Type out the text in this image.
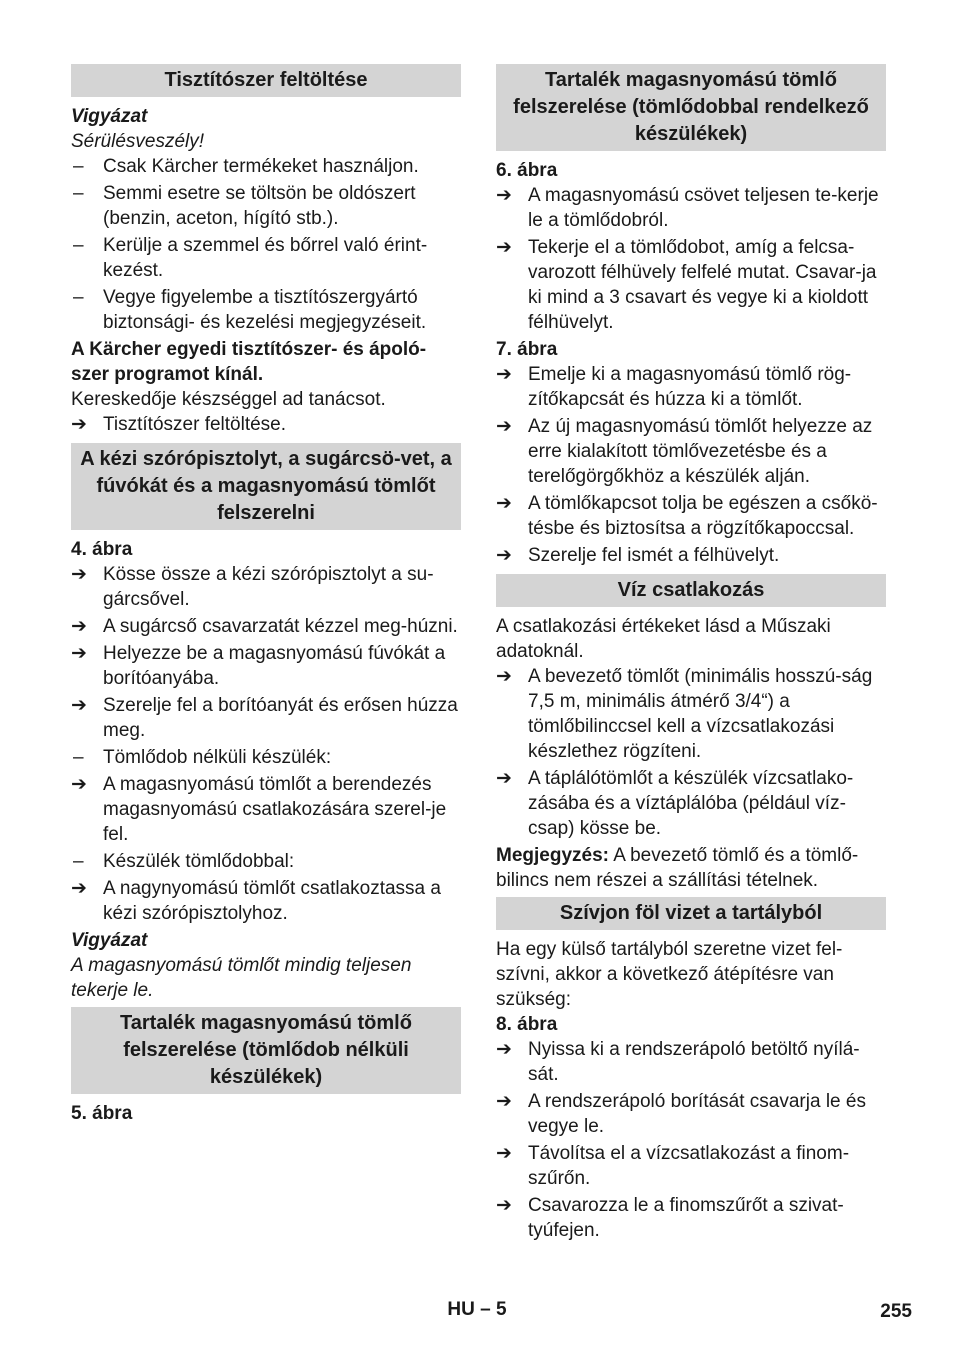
Tisztítószer feltöltése

Vigyázat

Sérülésveszély!

–	Csak Kärcher termékeket használjon.
–	Semmi esetre se töltsön be oldószert (benzin, aceton, hígító stb.).
–	Kerülje a szemmel és bőrrel való érint-kezést.
–	Vegye figyelembe a tisztítószergyártó biztonsági- és kezelési megjegyzéseit.

A Kärcher egyedi tisztítószer- és ápoló-szer programot kínál.

Kereskedője készséggel ad tanácsot.

➔ Tisztítószer feltöltése.
A kézi szórópisztolyt, a sugárcsö-vet, a fúvókát és a magasnyomású tömlőt felszerelni

4. ábra

➔ Kösse össze a kézi szórópisztolyt a su-gárcsővel.
➔ A sugárcső csavarzatát kézzel meg-húzni.
➔ Helyezze be a magasnyomású fúvókát a borítóanyába.
➔ Szerelje fel a borítóanyát és erősen húzza meg.
–	Tömlődob nélküli készülék:
➔ A magasnyomású tömlőt a berendezés magasnyomású csatlakozására szerel-je fel.
–	Készülék tömlődobbal:
➔ A nagynyomású tömlőt csatlakoztassa a kézi szórópisztolyhoz.

Vigyázat

A magasnyomású tömlőt mindig teljesen tekerje le.

Tartalék magasnyomású tömlő felszerelése (tömlődob nélküli készülékek)

5. ábra

Tartalék magasnyomású tömlő felszerelése (tömlődobbal rendelkező készülékek)

6. ábra

➔ A magasnyomású csövet teljesen te-kerje le a tömlődobról.
➔ Tekerje el a tömlődobot, amíg a felcsa-varozott félhüvely felfelé mutat. Csavar-ja ki mind a 3 csavart és vegye ki a kioldott félhüvelyt.

7. ábra

➔ Emelje ki a magasnyomású tömlő rög-zítőkapcsát és húzza ki a tömlőt.
➔ Az új magasnyomású tömlőt helyezze az erre kialakított tömlővezetésbe és a terelőgörgőkhöz a készülék alján.
➔ A tömlőkapcsot tolja be egészen a csőkö-tésbe és biztosítsa a rögzítőkapoccsal.
➔ Szerelje fel ismét a félhüvelyt.
Víz csatlakozás

A csatlakozási értékeket lásd a Műszaki adatoknál.

➔ A bevezető tömlőt (minimális hosszú-ság 7,5 m, minimális átmérő 3/4“) a tömlőbilinccsel kell a vízcsatlakozási készlethez rögzíteni.
➔ A táplálótömlőt a készülék vízcsatlako-zásába és a víztáplálóba (például víz-csap) kösse be.

Megjegyzés: A bevezető tömlő és a tömlő-bilincs nem részei a szállítási tételnek.

Szívjon föl vizet a tartályból

Ha egy külső tartályból szeretne vizet fel-szívni, akkor a következő átépítésre van szükség:

8. ábra

➔ Nyissa ki a rendszerápoló betöltő nyílá-sát.
➔ A rendszerápoló borítását csavarja le és vegye le.
➔ Távolítsa el a vízcsatlakozást a finom-szűrőn.
➔ Csavarozza le a finomszűrőt a szivat-tyúfejen.
HU – 5	255
